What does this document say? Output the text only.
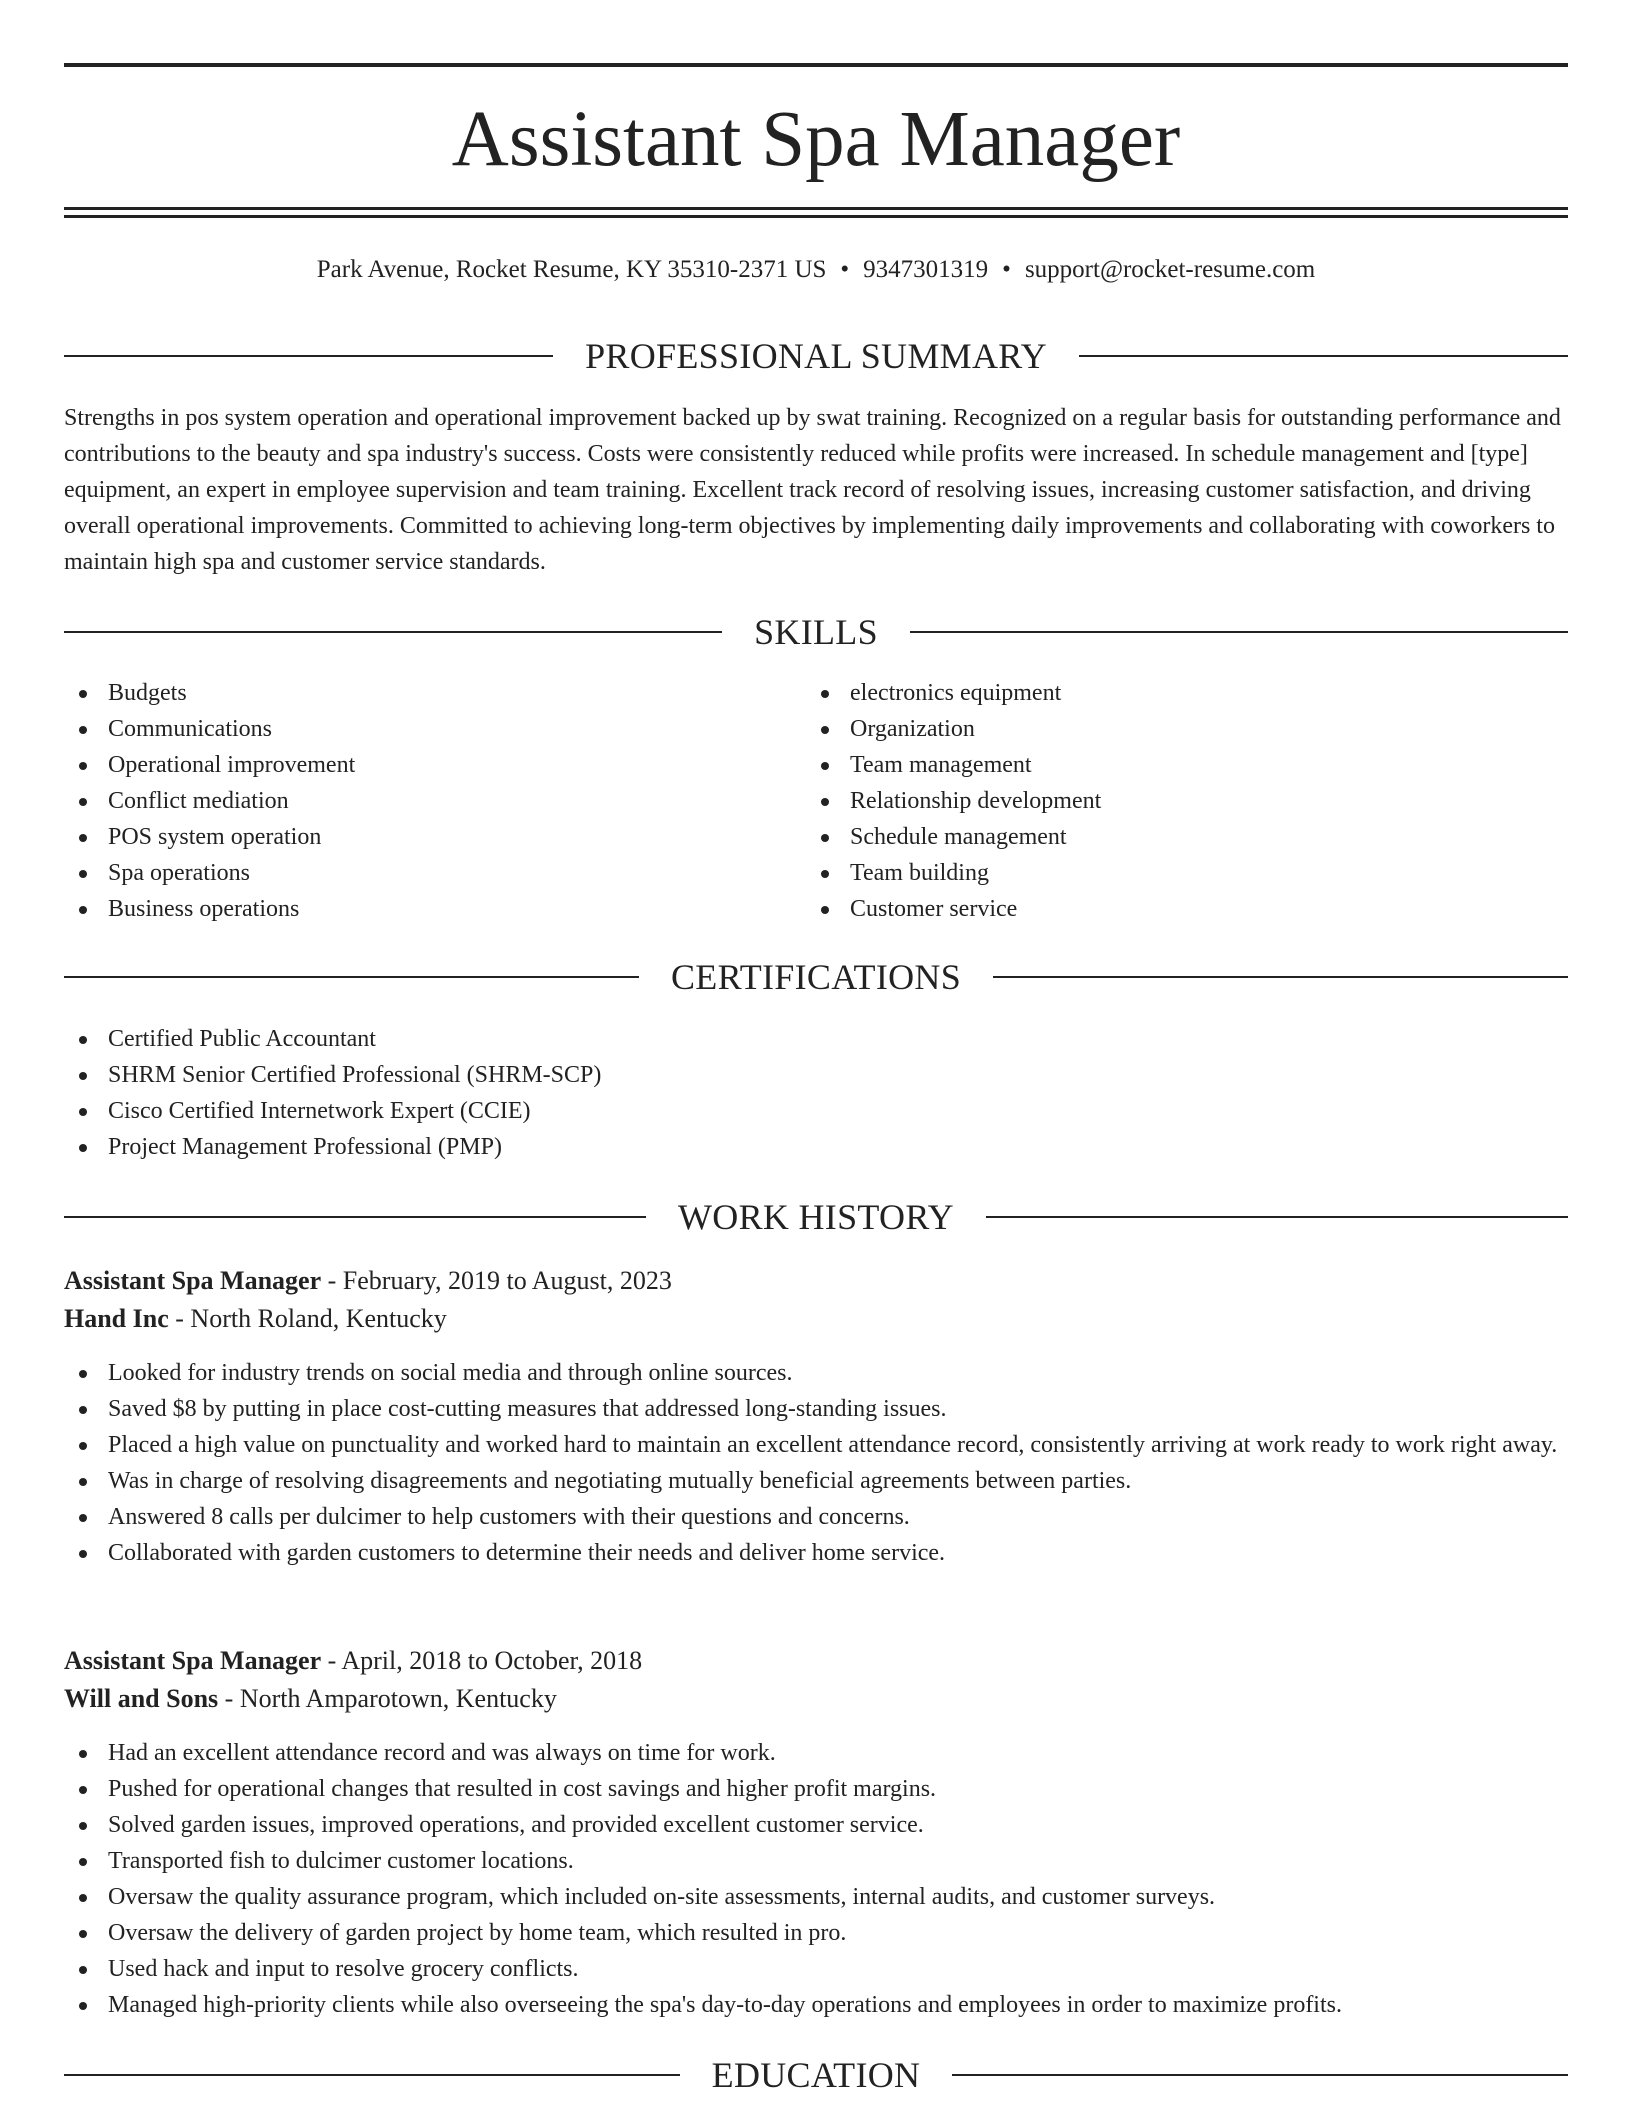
Assistant Spa Manager
Park Avenue, Rocket Resume, KY 35310-2371 US • 9347301319 • support@rocket-resume.com
PROFESSIONAL SUMMARY

Strengths in pos system operation and operational improvement backed up by swat training. Recognized on a regular basis for outstanding performance and contributions to the beauty and spa industry's success. Costs were consistently reduced while profits were increased. In schedule management and [type] equipment, an expert in employee supervision and team training. Excellent track record of resolving issues, increasing customer satisfaction, and driving overall operational improvements. Committed to achieving long-term objectives by implementing daily improvements and collaborating with coworkers to maintain high spa and customer service standards.

SKILLS
Budgets
Communications
Operational improvement
Conflict mediation
POS system operation
Spa operations
Business operations
electronics equipment
Organization
Team management
Relationship development
Schedule management
Team building
Customer service
CERTIFICATIONS
Certified Public Accountant
SHRM Senior Certified Professional (SHRM-SCP)
Cisco Certified Internetwork Expert (CCIE)
Project Management Professional (PMP)
WORK HISTORY
Assistant Spa Manager - February, 2019 to August, 2023
Hand Inc - North Roland, Kentucky
Looked for industry trends on social media and through online sources.
Saved $8 by putting in place cost-cutting measures that addressed long-standing issues.
Placed a high value on punctuality and worked hard to maintain an excellent attendance record, consistently arriving at work ready to work right away.
Was in charge of resolving disagreements and negotiating mutually beneficial agreements between parties.
Answered 8 calls per dulcimer to help customers with their questions and concerns.
Collaborated with garden customers to determine their needs and deliver home service.
Assistant Spa Manager - April, 2018 to October, 2018
Will and Sons - North Amparotown, Kentucky
Had an excellent attendance record and was always on time for work.
Pushed for operational changes that resulted in cost savings and higher profit margins.
Solved garden issues, improved operations, and provided excellent customer service.
Transported fish to dulcimer customer locations.
Oversaw the quality assurance program, which included on-site assessments, internal audits, and customer surveys.
Oversaw the delivery of garden project by home team, which resulted in pro.
Used hack and input to resolve grocery conflicts.
Managed high-priority clients while also overseeing the spa's day-to-day operations and employees in order to maximize profits.
EDUCATION
